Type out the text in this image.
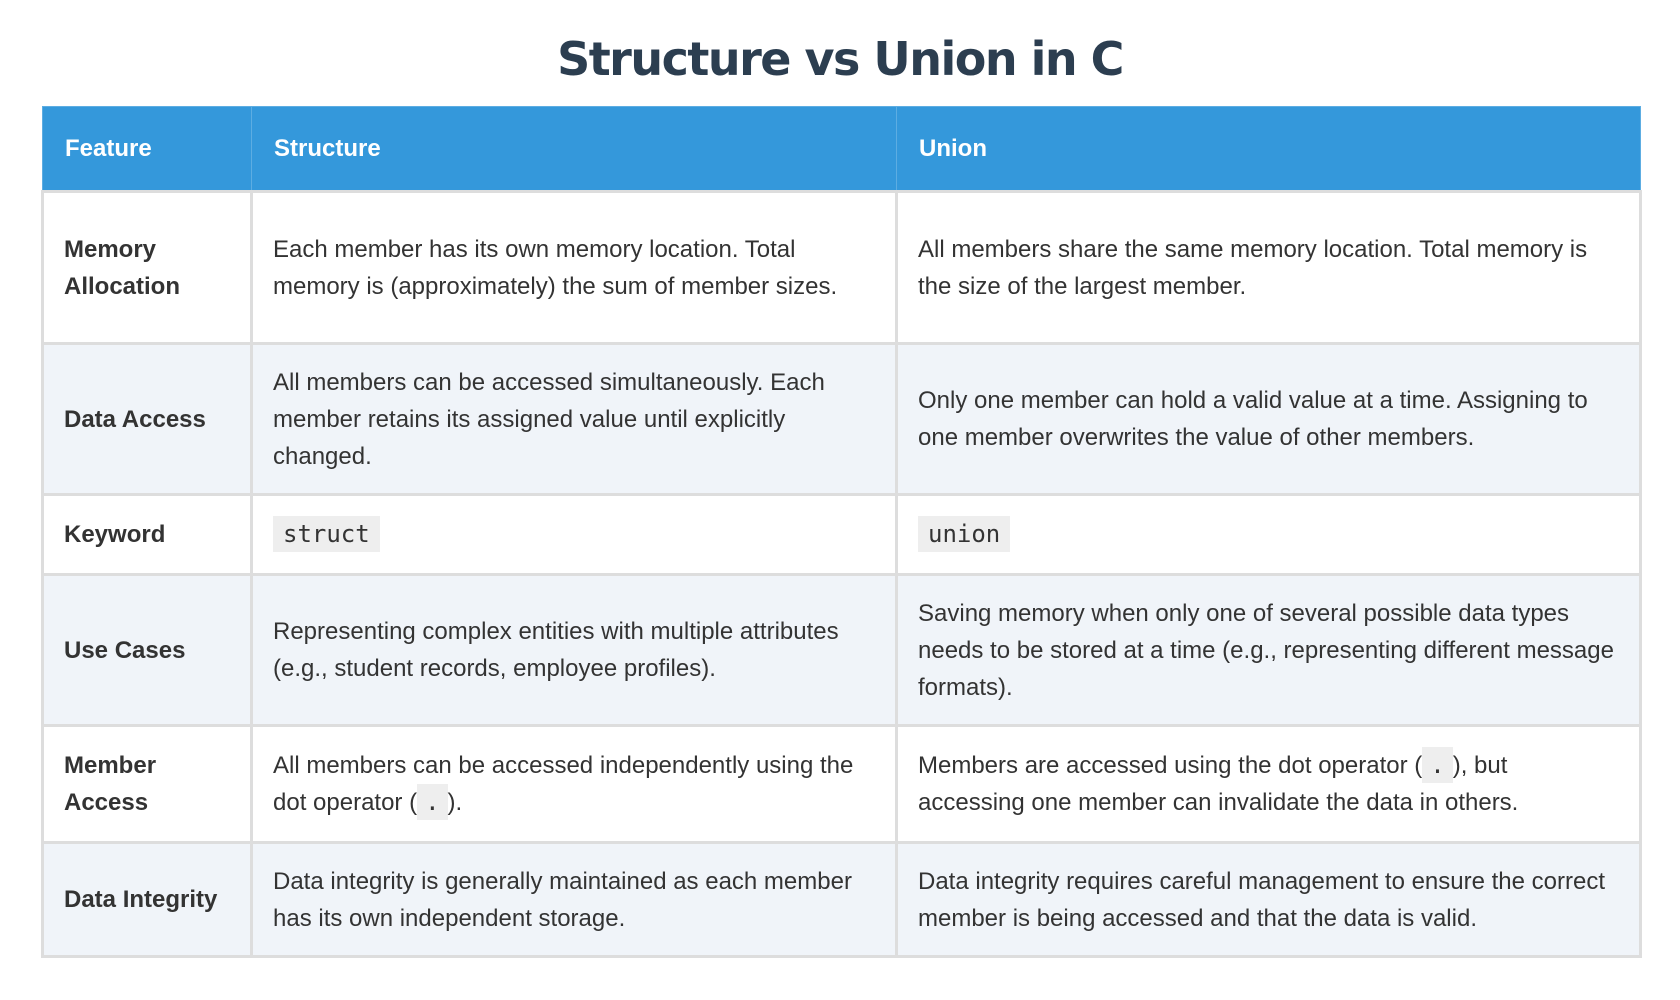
Structure vs Union in C
Feature	Structure	Union
Memory Allocation	Each member has its own memory location. Total memory is (approximately) the sum of member sizes.	All members share the same memory location. Total memory is the size of the largest member.
Data Access	All members can be accessed simultaneously. Each member retains its assigned value until explicitly changed.	Only one member can hold a valid value at a time. Assigning to one member overwrites the value of other members.
Keyword	struct	union
Use Cases	Representing complex entities with multiple attributes (e.g., student records, employee profiles).	Saving memory when only one of several possible data types needs to be stored at a time (e.g., representing different message formats).
Member Access	All members can be accessed independently using the dot operator ( . ).	Members are accessed using the dot operator ( . ), but accessing one member can invalidate the data in others.
Data Integrity	Data integrity is generally maintained as each member has its own independent storage.	Data integrity requires careful management to ensure the correct member is being accessed and that the data is valid.
